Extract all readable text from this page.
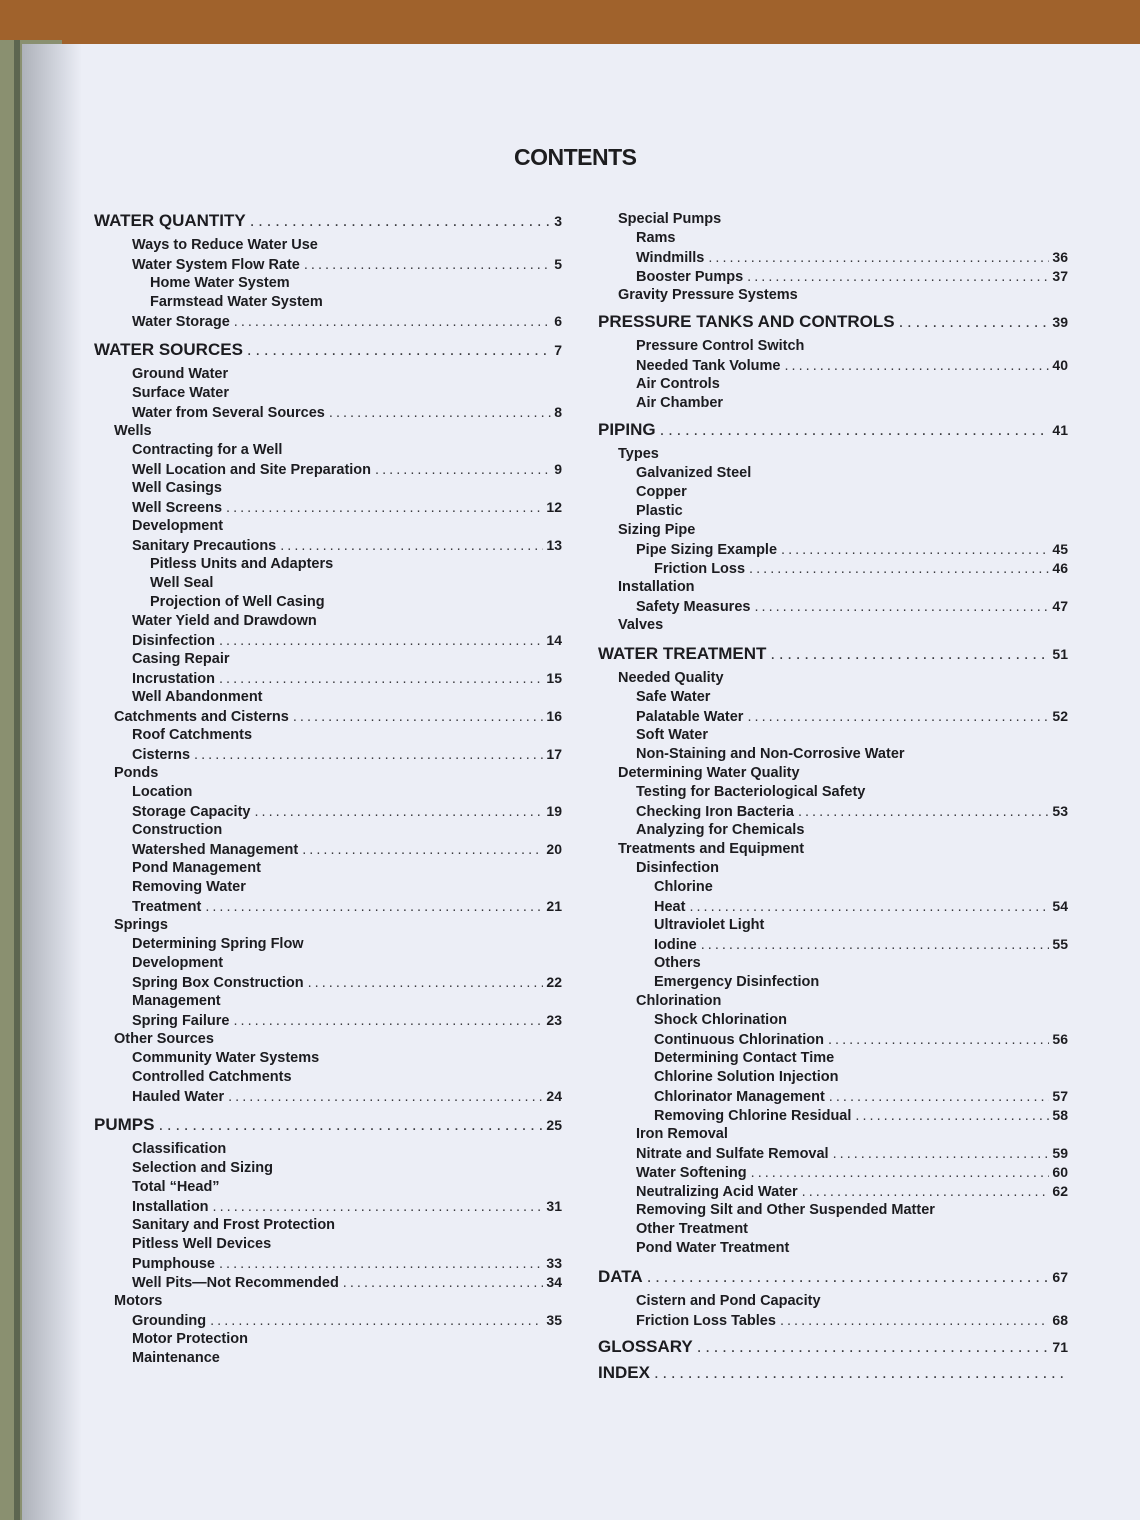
CONTENTS
WATER QUANTITY . . .	3
Ways to Reduce Water Use
Water System Flow Rate . . .	5
Home Water System
Farmstead Water System
Water Storage . . .	6
WATER SOURCES . . .	7
Ground Water
Surface Water
Water from Several Sources . . .	8
Wells
Contracting for a Well
Well Location and Site Preparation . . .	9
Well Casings
Well Screens . . .	12
Development
Sanitary Precautions . . .	13
Pitless Units and Adapters
Well Seal
Projection of Well Casing
Water Yield and Drawdown
Disinfection . . .	14
Casing Repair
Incrustation . . .	15
Well Abandonment
Catchments and Cisterns . . .	16
Roof Catchments
Cisterns . . .	17
Ponds
Location
Storage Capacity . . .	19
Construction
Watershed Management . . .	20
Pond Management
Removing Water
Treatment . . .	21
Springs
Determining Spring Flow
Development
Spring Box Construction . . .	22
Management
Spring Failure . . .	23
Other Sources
Community Water Systems
Controlled Catchments
Hauled Water . . .	24
PUMPS . . .	25
Classification
Selection and Sizing
Total “Head”
Installation . . .	31
Sanitary and Frost Protection
Pitless Well Devices
Pumphouse . . .	33
Well Pits—Not Recommended . . .	34
Motors
Grounding . . .	35
Motor Protection
Maintenance
Special Pumps
Rams
Windmills . . .	36
Booster Pumps . . .	37
Gravity Pressure Systems
PRESSURE TANKS AND CONTROLS . . .	39
Pressure Control Switch
Needed Tank Volume . . .	40
Air Controls
Air Chamber
PIPING . . .	41
Types
Galvanized Steel
Copper
Plastic
Sizing Pipe
Pipe Sizing Example . . .	45
Friction Loss . . .	46
Installation
Safety Measures . . .	47
Valves
WATER TREATMENT . . .	51
Needed Quality
Safe Water
Palatable Water . . .	52
Soft Water
Non-Staining and Non-Corrosive Water
Determining Water Quality
Testing for Bacteriological Safety
Checking Iron Bacteria . . .	53
Analyzing for Chemicals
Treatments and Equipment
Disinfection
Chlorine
Heat . . .	54
Ultraviolet Light
Iodine . . .	55
Others
Emergency Disinfection
Chlorination
Shock Chlorination
Continuous Chlorination . . .	56
Determining Contact Time
Chlorine Solution Injection
Chlorinator Management . . .	57
Removing Chlorine Residual . . .	58
Iron Removal
Nitrate and Sulfate Removal . . .	59
Water Softening . . .	60
Neutralizing Acid Water . . .	62
Removing Silt and Other Suspended Matter
Other Treatment
Pond Water Treatment
DATA . . .	67
Cistern and Pond Capacity
Friction Loss Tables . . .	68
GLOSSARY . . .	71
INDEX
. . .
